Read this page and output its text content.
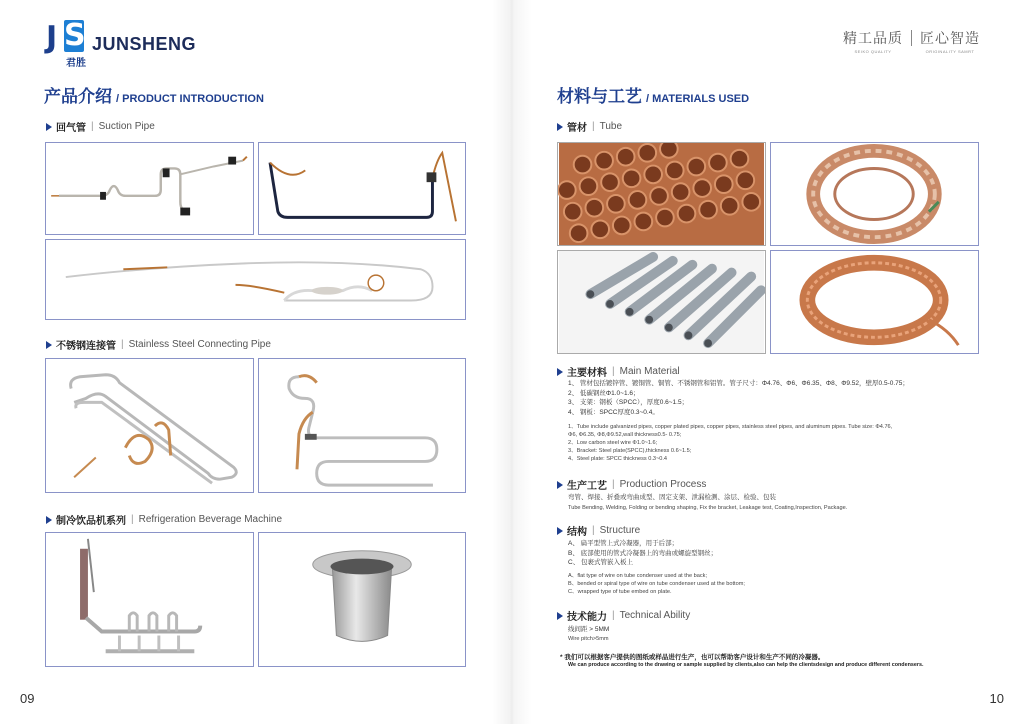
J S
君胜
JUNSHENG	精工品质
SEIKO QUALITY
匠心智造
ORIGINALITY SAMRT
产品介绍 / PRODUCT INTRODUCTION
回气管 | Suction Pipe
不锈钢连接管 | Stainless Steel Connecting Pipe
制冷饮品机系列 | Refrigeration Beverage Machine
09
材料与工艺 / MATERIALS USED
管材 | Tube
主要材料 | Main Material
1、 管材包括镀锌管、镀铜管、铜管、不锈钢管和铝管。管子尺寸：Φ4.76、Φ6、Φ6.35、Φ8、Φ9.52，壁厚0.5-0.75；
2、 低碳钢丝Φ1.0~1.6；
3、 支架：钢板（SPCC），厚度0.6~1.5；
4、 钢板：SPCC厚度0.3~0.4。
1、Tube include galvanized pipes, copper plated pipes, copper pipes, stainless steel pipes, and aluminum pipes. Tube size: Φ4.76,
Φ6, Φ6.35, Φ8,Φ9.52,wall thickness0.5- 0.75;
2、Low carbon steel wire Φ1.0~1.6;
3、Bracket: Steel plate(SPCC),thickness 0.6~1.5;
4、Steel plate: SPCC thickness 0.3~0.4
生产工艺 | Production Process
弯管、焊接、折叠或弯曲成型、固定支架、泄漏检测、涂层、检验、包装
Tube Bending, Welding, Folding or bending shaping, Fix the bracket, Leakage test, Coating,Inspection, Package.
结构 | Structure
A、 扁平型管上式冷凝器，用于后部；
B、 底部使用的管式冷凝器上的弯曲或螺旋型钢丝；
C、 包裹式管嵌入板上
A、flat type of wire on tube condenser used at the back;
B、bended or spiral type of wire on tube condenser used at the bottom;
C、wrapped type of tube embed on plate.
技术能力 | Technical Ability
线间距 > 5MM
Wire pitch>5mm
* 我们可以根据客户提供的图纸或样品进行生产，也可以帮助客户设计和生产不同的冷凝器。
We can produce according to the drawing or sample supplied by clients,also can help the clientsdesign and produce different condensers.
10
